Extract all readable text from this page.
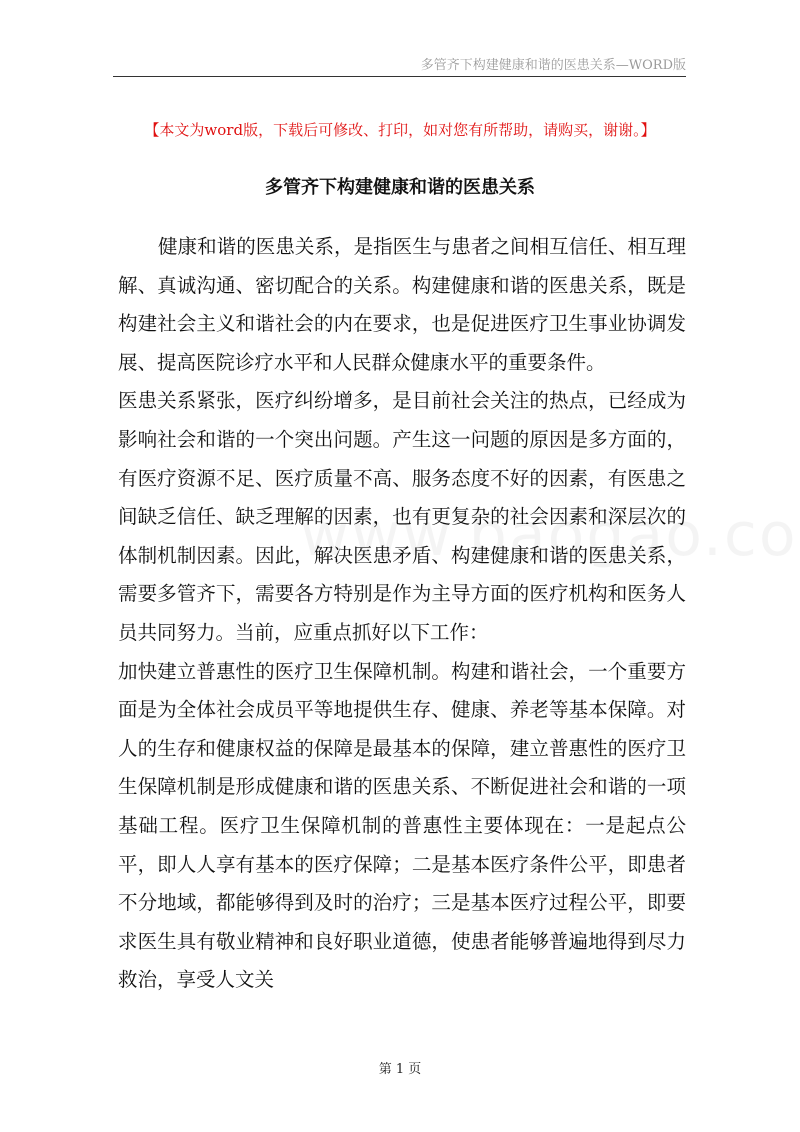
多管齐下构建健康和谐的医患关系—WORD版
【本文为word版，下载后可修改、打印，如对您有所帮助，请购买，谢谢。】
多管齐下构建健康和谐的医患关系

健康和谐的医患关系，是指医生与患者之间相互信任、相互理解、真诚沟通、密切配合的关系。构建健康和谐的医患关系，既是构建社会主义和谐社会的内在要求，也是促进医疗卫生事业协调发展、提高医院诊疗水平和人民群众健康水平的重要条件。

医患关系紧张，医疗纠纷增多，是目前社会关注的热点，已经成为影响社会和谐的一个突出问题。产生这一问题的原因是多方面的，有医疗资源不足、医疗质量不高、服务态度不好的因素，有医患之间缺乏信任、缺乏理解的因素，也有更复杂的社会因素和深层次的体制机制因素。因此，解决医患矛盾、构建健康和谐的医患关系，需要多管齐下，需要各方特别是作为主导方面的医疗机构和医务人员共同努力。当前，应重点抓好以下工作：

加快建立普惠性的医疗卫生保障机制。构建和谐社会，一个重要方面是为全体社会成员平等地提供生存、健康、养老等基本保障。对人的生存和健康权益的保障是最基本的保障，建立普惠性的医疗卫生保障机制是形成健康和谐的医患关系、不断促进社会和谐的一项基础工程。医疗卫生保障机制的普惠性主要体现在：一是起点公平，即人人享有基本的医疗保障；二是基本医疗条件公平，即患者不分地域，都能够得到及时的治疗；三是基本医疗过程公平，即要求医生具有敬业精神和良好职业道德，使患者能够普遍地得到尽力救治，享受人文关

第 1 页
